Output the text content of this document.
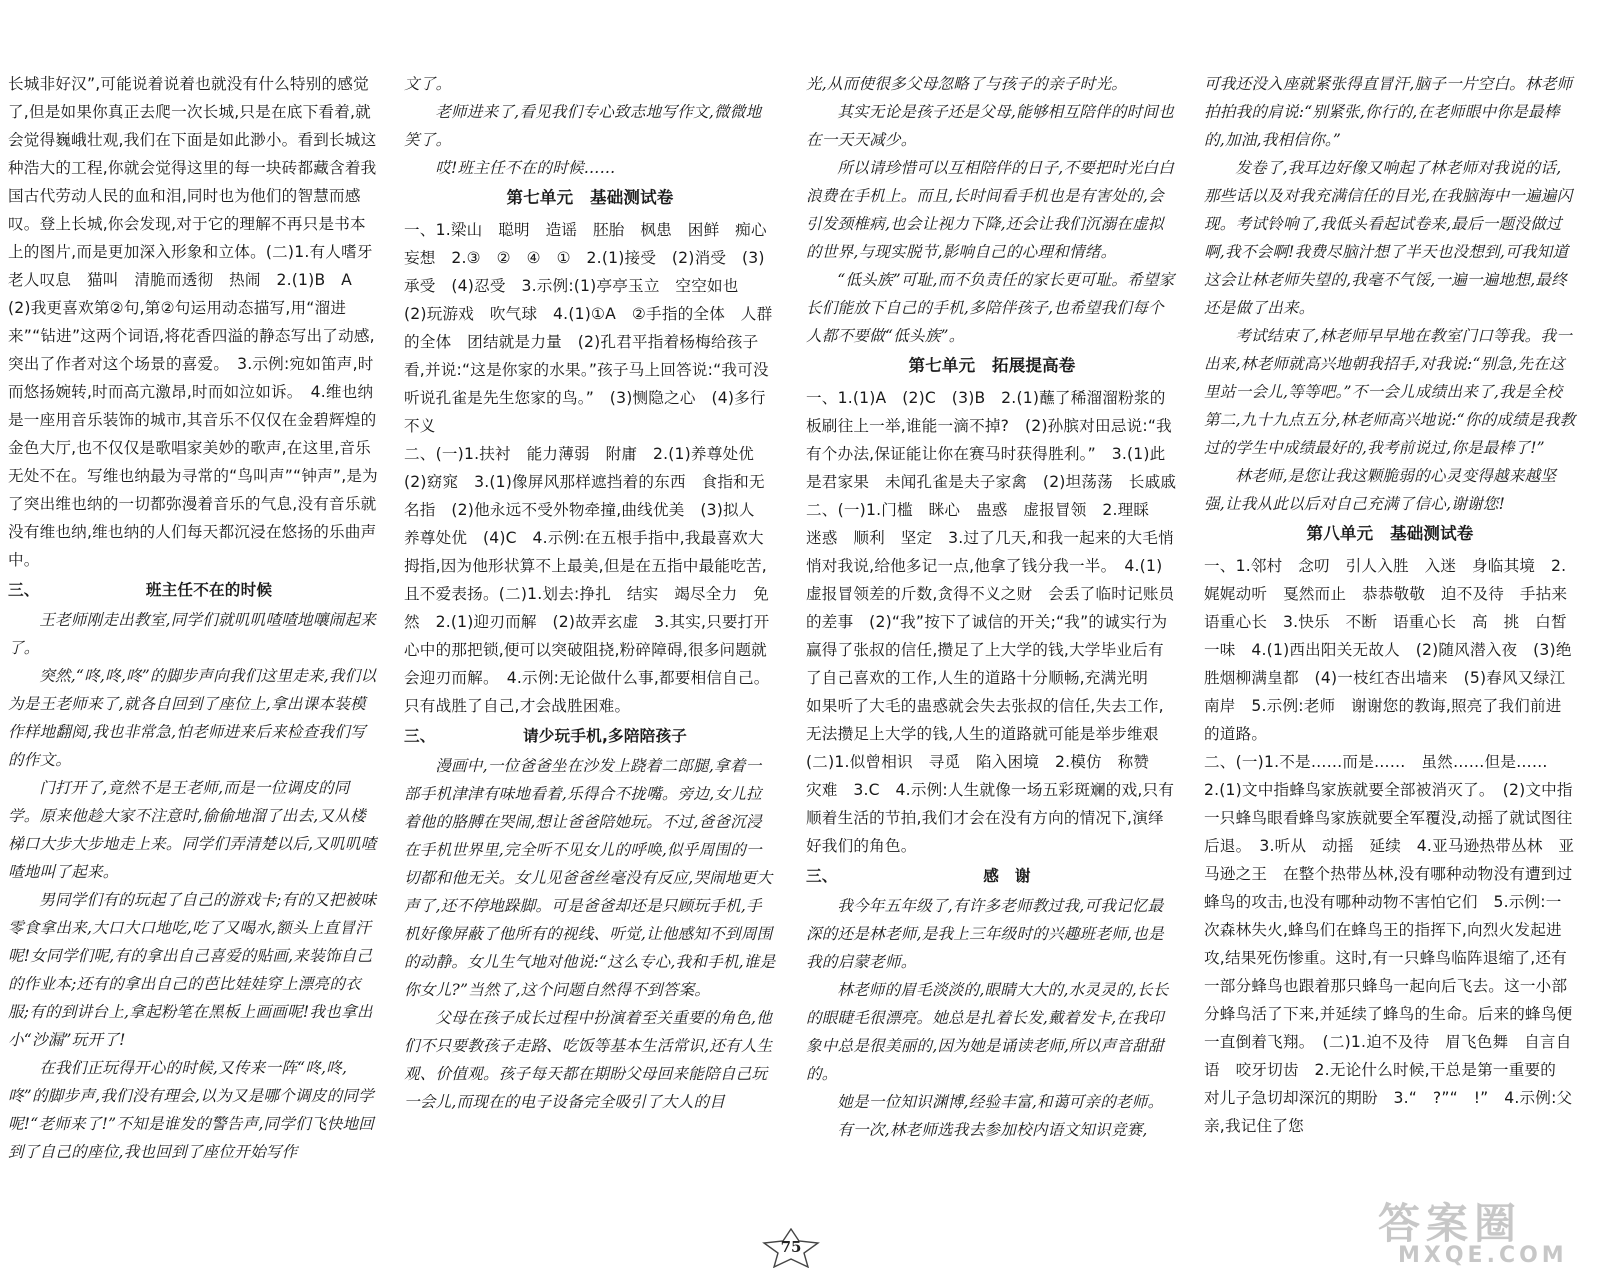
长城非好汉”,可能说着说着也就没有什么特别的感觉了,但是如果你真正去爬一次长城,只是在底下看着,就会觉得巍峨壮观,我们在下面是如此渺小。看到长城这种浩大的工程,你就会觉得这里的每一块砖都藏含着我国古代劳动人民的血和泪,同时也为他们的智慧而感叹。登上长城,你会发现,对于它的理解不再只是书本上的图片,而是更加深入形象和立体。(二)1.有人嗜牙　老人叹息　猫叫　清脆而透彻　热闹　2.(1)B　A　(2)我更喜欢第②句,第②句运用动态描写,用“溜进来”“钻进”这两个词语,将花香四溢的静态写出了动感,突出了作者对这个场景的喜爱。　3.示例:宛如笛声,时而悠扬婉转,时而高亢激昂,时而如泣如诉。　4.维也纳是一座用音乐装饰的城市,其音乐不仅仅在金碧辉煌的金色大厅,也不仅仅是歌唱家美妙的歌声,在这里,音乐无处不在。写维也纳最为寻常的“鸟叫声”“钟声”,是为了突出维也纳的一切都弥漫着音乐的气息,没有音乐就没有维也纳,维也纳的人们每天都沉浸在悠扬的乐曲声中。

三、	班主任不在的时候

王老师刚走出教室,同学们就叽叽喳喳地嚷闹起来了。

突然,“咚,咚,咚”的脚步声向我们这里走来,我们以为是王老师来了,就各自回到了座位上,拿出课本装模作样地翻阅,我也非常急,怕老师进来后来检查我们写的作文。

门打开了,竟然不是王老师,而是一位调皮的同学。原来他趁大家不注意时,偷偷地溜了出去,又从楼梯口大步大步地走上来。同学们弄清楚以后,又叽叽喳喳地叫了起来。

男同学们有的玩起了自己的游戏卡;有的又把被味零食拿出来,大口大口地吃,吃了又喝水,额头上直冒汗呢!女同学们呢,有的拿出自己喜爱的贴画,来装饰自己的作业本;还有的拿出自己的芭比娃娃穿上漂亮的衣服;有的到讲台上,拿起粉笔在黑板上画画呢!我也拿出小“沙漏”玩开了!

在我们正玩得开心的时候,又传来一阵“咚,咚,咚”的脚步声,我们没有理会,以为又是哪个调皮的同学呢!“老师来了!”不知是谁发的警告声,同学们飞快地回到了自己的座位,我也回到了座位开始写作

文了。

老师进来了,看见我们专心致志地写作文,微微地笑了。

哎!班主任不在的时候……

第七单元　基础测试卷

一、1.梁山　聪明　造谣　胚胎　枫患　困鲜　痴心妄想　2.③　②　④　①　2.(1)接受　(2)消受　(3)承受　(4)忍受　3.示例:(1)亭亭玉立　空空如也　(2)玩游戏　吹气球　4.(1)①A　②手指的全体　人群的全体　团结就是力量　(2)孔君平指着杨梅给孩子看,并说:“这是你家的水果。”孩子马上回答说:“我可没听说孔雀是先生您家的鸟。”　(3)恻隐之心　(4)多行不义

二、(一)1.扶衬　能力薄弱　附庸　2.(1)养尊处优　(2)窈窕　3.(1)像屏风那样遮挡着的东西　食指和无名指　(2)他永远不受外物牵撞,曲线优美　(3)拟人　养尊处优　(4)C　4.示例:在五根手指中,我最喜欢大拇指,因为他形状算不上最美,但是在五指中最能吃苦,且不爱表扬。(二)1.划去:挣扎　结实　竭尽全力　免然　2.(1)迎刃而解　(2)故弄玄虚　3.其实,只要打开心中的那把锁,便可以突破阻挠,粉碎障碍,很多问题就会迎刃而解。　4.示例:无论做什么事,都要相信自己。只有战胜了自己,才会战胜困难。

三、	请少玩手机,多陪陪孩子

漫画中,一位爸爸坐在沙发上跷着二郎腿,拿着一部手机津津有味地看着,乐得合不拢嘴。旁边,女儿拉着他的胳膊在哭闹,想让爸爸陪她玩。不过,爸爸沉浸在手机世界里,完全听不见女儿的呼唤,似乎周围的一切都和他无关。女儿见爸爸丝毫没有反应,哭闹地更大声了,还不停地跺脚。可是爸爸却还是只顾玩手机,手机好像屏蔽了他所有的视线、听觉,让他感知不到周围的动静。女儿生气地对他说:“这么专心,我和手机,谁是你女儿?”当然了,这个问题自然得不到答案。

父母在孩子成长过程中扮演着至关重要的角色,他们不只要教孩子走路、吃饭等基本生活常识,还有人生观、价值观。孩子每天都在期盼父母回来能陪自己玩一会儿,而现在的电子设备完全吸引了大人的目

光,从而使很多父母忽略了与孩子的亲子时光。

其实无论是孩子还是父母,能够相互陪伴的时间也在一天天减少。

所以请珍惜可以互相陪伴的日子,不要把时光白白浪费在手机上。而且,长时间看手机也是有害处的,会引发颈椎病,也会让视力下降,还会让我们沉溺在虚拟的世界,与现实脱节,影响自己的心理和情绪。

“低头族”可耻,而不负责任的家长更可耻。希望家长们能放下自己的手机,多陪伴孩子,也希望我们每个人都不要做“低头族”。

第七单元　拓展提高卷

一、1.(1)A　(2)C　(3)B　2.(1)蘸了稀溜溜粉浆的板刷往上一举,谁能一滴不掉?　(2)孙膑对田忌说:“我有个办法,保证能让你在赛马时获得胜利。”　3.(1)此是君家果　未闻孔雀是夫子家禽　(2)坦荡荡　长戚戚

二、(一)1.门槛　眯心　蛊惑　虚报冒领　2.理睬　迷惑　顺利　坚定　3.过了几天,和我一起来的大毛悄悄对我说,给他多记一点,他拿了钱分我一半。　4.(1)虚报冒领差的斤数,贪得不义之财　会丢了临时记账员的差事　(2)“我”按下了诚信的开关;“我”的诚实行为赢得了张叔的信任,攒足了上大学的钱,大学毕业后有了自己喜欢的工作,人生的道路十分顺畅,充满光明　如果听了大毛的蛊惑就会失去张叔的信任,失去工作,无法攒足上大学的钱,人生的道路就可能是举步维艰　(二)1.似曾相识　寻觅　陷入困境　2.模仿　称赞　灾难　3.C　4.示例:人生就像一场五彩斑斓的戏,只有顺着生活的节拍,我们才会在没有方向的情况下,演绎好我们的角色。

三、	感　谢

我今年五年级了,有许多老师教过我,可我记忆最深的还是林老师,是我上三年级时的兴趣班老师,也是我的启蒙老师。

林老师的眉毛淡淡的,眼睛大大的,水灵灵的,长长的眼睫毛很漂亮。她总是扎着长发,戴着发卡,在我印象中总是很美丽的,因为她是诵读老师,所以声音甜甜的。

她是一位知识渊博,经验丰富,和蔼可亲的老师。

有一次,林老师选我去参加校内语文知识竞赛,

可我还没入座就紧张得直冒汗,脑子一片空白。林老师拍拍我的肩说:“别紧张,你行的,在老师眼中你是最棒的,加油,我相信你。”

发卷了,我耳边好像又响起了林老师对我说的话,那些话以及对我充满信任的目光,在我脑海中一遍遍闪现。考试铃响了,我低头看起试卷来,最后一题没做过啊,我不会啊!我费尽脑汁想了半天也没想到,可我知道这会让林老师失望的,我毫不气馁,一遍一遍地想,最终还是做了出来。

考试结束了,林老师早早地在教室门口等我。我一出来,林老师就高兴地朝我招手,对我说:“别急,先在这里站一会儿,等等吧。”不一会儿成绩出来了,我是全校第二,九十九点五分,林老师高兴地说:“你的成绩是我教过的学生中成绩最好的,我考前说过,你是最棒了!”

林老师,是您让我这颗脆弱的心灵变得越来越坚强,让我从此以后对自己充满了信心,谢谢您!

第八单元　基础测试卷

一、1.邻村　念叨　引人入胜　入迷　身临其境　2.娓娓动听　戛然而止　恭恭敬敬　迫不及待　手拈来　语重心长　3.快乐　不断　语重心长　高　挑　白皙　一味　4.(1)西出阳关无故人　(2)随风潜入夜　(3)绝胜烟柳满皇都　(4)一枝红杏出墙来　(5)春风又绿江南岸　5.示例:老师　谢谢您的教诲,照亮了我们前进的道路。

二、(一)1.不是……而是……　虽然……但是……　2.(1)文中指蜂鸟家族就要全部被消灭了。　(2)文中指一只蜂鸟眼看蜂鸟家族就要全军覆没,动摇了就试图往后退。　3.听从　动摇　延续　4.亚马逊热带丛林　亚马逊之王　在整个热带丛林,没有哪种动物没有遭到过蜂鸟的攻击,也没有哪种动物不害怕它们　5.示例:一次森林失火,蜂鸟们在蜂鸟王的指挥下,向烈火发起进攻,结果死伤惨重。这时,有一只蜂鸟临阵退缩了,还有一部分蜂鸟也跟着那只蜂鸟一起向后飞去。这一小部分蜂鸟活了下来,并延续了蜂鸟的生命。后来的蜂鸟便一直倒着飞翔。　(二)1.迫不及待　眉飞色舞　自言自语　咬牙切齿　2.无论什么时候,干总是第一重要的　对儿子急切却深沉的期盼　3.“　?”“　!”　4.示例:父亲,我记住了您

75	答案圈
MXQE.COM
